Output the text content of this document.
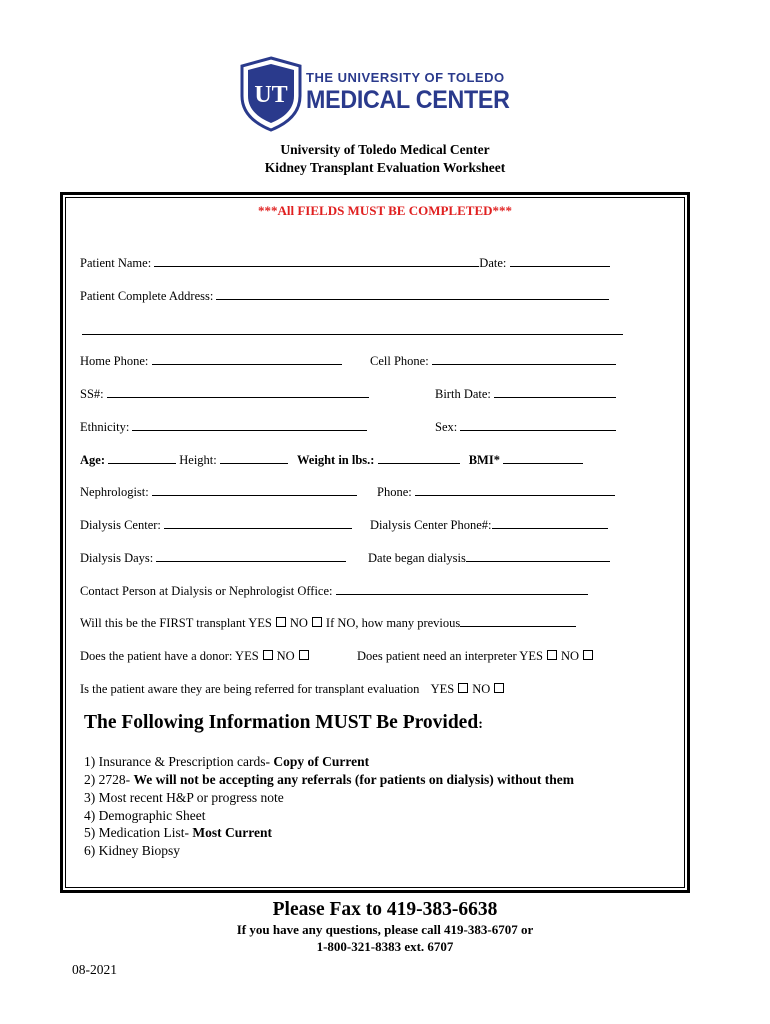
UT
THE UNIVERSITY OF TOLEDO
MEDICAL CENTER
University of Toledo Medical Center
Kidney Transplant Evaluation Worksheet
***All FIELDS MUST BE COMPLETED***
Patient Name:	Date:
Patient Complete Address:
Home Phone:	Cell Phone:
SS#:	Birth Date:
Ethnicity:	Sex:
Age:	Height:	Weight in lbs.:	BMI*
Nephrologist:	Phone:
Dialysis Center:	Dialysis Center Phone#:
Dialysis Days:	Date began dialysis
Contact Person at Dialysis or Nephrologist Office:
Will this be the FIRST transplant YES NO If NO, how many previous
Does the patient have a donor: YES NO	Does patient need an interpreter YES NO
Is the patient aware they are being referred for transplant evaluation YES NO
The Following Information MUST Be Provided:
1) Insurance & Prescription cards- Copy of Current
2) 2728- We will not be accepting any referrals (for patients on dialysis) without them
3) Most recent H&P or progress note
4) Demographic Sheet
5) Medication List- Most Current
6) Kidney Biopsy
Please Fax to 419-383-6638
If you have any questions, please call 419-383-6707 or
1-800-321-8383 ext. 6707
08-2021
